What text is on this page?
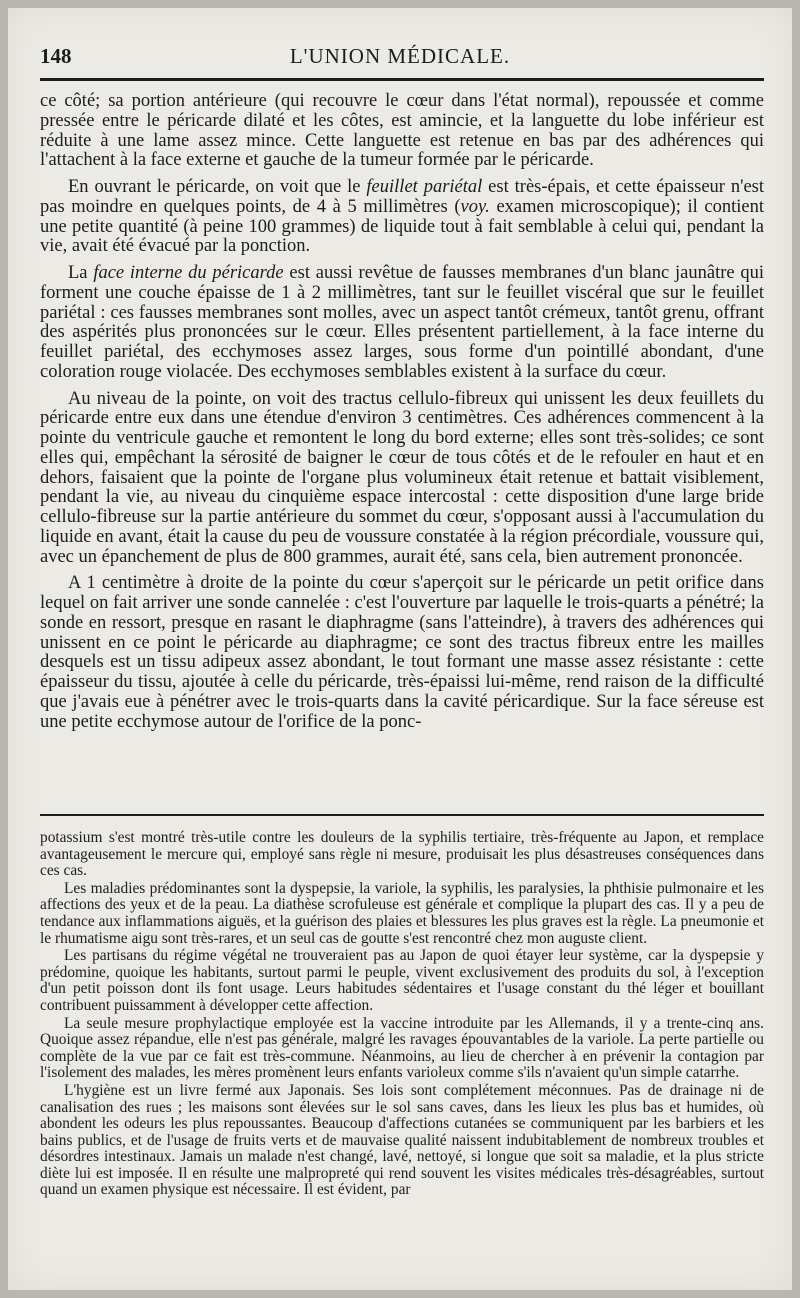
148	L'UNION MÉDICALE.

ce côté; sa portion antérieure (qui recouvre le cœur dans l'état normal), repoussée et comme pressée entre le péricarde dilaté et les côtes, est amincie, et la languette du lobe inférieur est réduite à une lame assez mince. Cette languette est retenue en bas par des adhérences qui l'attachent à la face externe et gauche de la tumeur formée par le péricarde.

En ouvrant le péricarde, on voit que le feuillet pariétal est très-épais, et cette épaisseur n'est pas moindre en quelques points, de 4 à 5 millimètres (voy. examen microscopique); il contient une petite quantité (à peine 100 grammes) de liquide tout à fait semblable à celui qui, pendant la vie, avait été évacué par la ponction.

La face interne du péricarde est aussi revêtue de fausses membranes d'un blanc jaunâtre qui forment une couche épaisse de 1 à 2 millimètres, tant sur le feuillet viscéral que sur le feuillet pariétal : ces fausses membranes sont molles, avec un aspect tantôt crémeux, tantôt grenu, offrant des aspérités plus prononcées sur le cœur. Elles présentent partiellement, à la face interne du feuillet pariétal, des ecchymoses assez larges, sous forme d'un pointillé abondant, d'une coloration rouge violacée. Des ecchymoses semblables existent à la surface du cœur.

Au niveau de la pointe, on voit des tractus cellulo-fibreux qui unissent les deux feuillets du péricarde entre eux dans une étendue d'environ 3 centimètres. Ces adhérences commencent à la pointe du ventricule gauche et remontent le long du bord externe; elles sont très-solides; ce sont elles qui, empêchant la sérosité de baigner le cœur de tous côtés et de le refouler en haut et en dehors, faisaient que la pointe de l'organe plus volumineux était retenue et battait visiblement, pendant la vie, au niveau du cinquième espace intercostal : cette disposition d'une large bride cellulo-fibreuse sur la partie antérieure du sommet du cœur, s'opposant aussi à l'accumulation du liquide en avant, était la cause du peu de voussure constatée à la région précordiale, voussure qui, avec un épanchement de plus de 800 grammes, aurait été, sans cela, bien autrement prononcée.

A 1 centimètre à droite de la pointe du cœur s'aperçoit sur le péricarde un petit orifice dans lequel on fait arriver une sonde cannelée : c'est l'ouverture par laquelle le trois-quarts a pénétré; la sonde en ressort, presque en rasant le diaphragme (sans l'atteindre), à travers des adhérences qui unissent en ce point le péricarde au diaphragme; ce sont des tractus fibreux entre les mailles desquels est un tissu adipeux assez abondant, le tout formant une masse assez résistante : cette épaisseur du tissu, ajoutée à celle du péricarde, très-épaissi lui-même, rend raison de la difficulté que j'avais eue à pénétrer avec le trois-quarts dans la cavité péricardique. Sur la face séreuse est une petite ecchymose autour de l'orifice de la ponc-

potassium s'est montré très-utile contre les douleurs de la syphilis tertiaire, très-fréquente au Japon, et remplace avantageusement le mercure qui, employé sans règle ni mesure, produisait les plus désastreuses conséquences dans ces cas.

Les maladies prédominantes sont la dyspepsie, la variole, la syphilis, les paralysies, la phthisie pulmonaire et les affections des yeux et de la peau. La diathèse scrofuleuse est générale et complique la plupart des cas. Il y a peu de tendance aux inflammations aiguës, et la guérison des plaies et blessures les plus graves est la règle. La pneumonie et le rhumatisme aigu sont très-rares, et un seul cas de goutte s'est rencontré chez mon auguste client.

Les partisans du régime végétal ne trouveraient pas au Japon de quoi étayer leur système, car la dyspepsie y prédomine, quoique les habitants, surtout parmi le peuple, vivent exclusivement des produits du sol, à l'exception d'un petit poisson dont ils font usage. Leurs habitudes sédentaires et l'usage constant du thé léger et bouillant contribuent puissamment à développer cette affection.

La seule mesure prophylactique employée est la vaccine introduite par les Allemands, il y a trente-cinq ans. Quoique assez répandue, elle n'est pas générale, malgré les ravages épouvantables de la variole. La perte partielle ou complète de la vue par ce fait est très-commune. Néanmoins, au lieu de chercher à en prévenir la contagion par l'isolement des malades, les mères promènent leurs enfants varioleux comme s'ils n'avaient qu'un simple catarrhe.

L'hygiène est un livre fermé aux Japonais. Ses lois sont complétement méconnues. Pas de drainage ni de canalisation des rues ; les maisons sont élevées sur le sol sans caves, dans les lieux les plus bas et humides, où abondent les odeurs les plus repoussantes. Beaucoup d'affections cutanées se communiquent par les barbiers et les bains publics, et de l'usage de fruits verts et de mauvaise qualité naissent indubitablement de nombreux troubles et désordres intestinaux. Jamais un malade n'est changé, lavé, nettoyé, si longue que soit sa maladie, et la plus stricte diète lui est imposée. Il en résulte une malpropreté qui rend souvent les visites médicales très-désagréables, surtout quand un examen physique est nécessaire. Il est évident, par
